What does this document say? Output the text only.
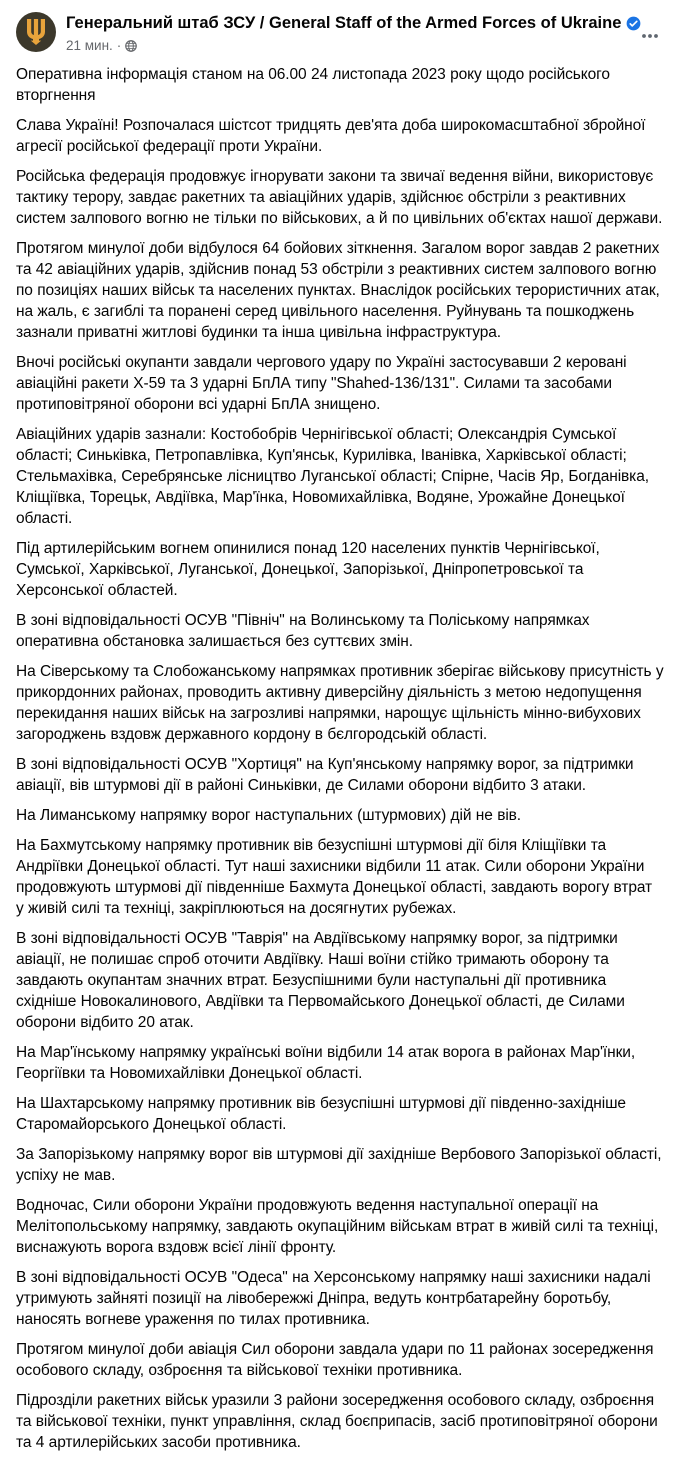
Генеральний штаб ЗСУ / General Staff of the Armed Forces of Ukraine
21 мин. ·

Оперативна інформація станом на 06.00 24 листопада 2023 року щодо російського вторгнення

Слава Україні! Розпочалася шістсот тридцять дев'ята доба широкомасштабної збройної агресії російської федерації проти України.

Російська федерація продовжує ігнорувати закони та звичаї ведення війни, використовує тактику терору, завдає ракетних та авіаційних ударів, здійснює обстріли з реактивних систем залпового вогню не тільки по військових, а й по цивільних об'єктах нашої держави.

Протягом минулої доби відбулося 64 бойових зіткнення. Загалом ворог завдав 2 ракетних та 42 авіаційних ударів, здійснив понад 53 обстріли з реактивних систем залпового вогню по позиціях наших військ та населених пунктах. Внаслідок російських терористичних атак, на жаль, є загиблі та поранені серед цивільного населення. Руйнувань та пошкоджень зазнали приватні житлові будинки та інша цивільна інфраструктура.

Вночі російські окупанти завдали чергового удару по Україні застосувавши 2 керовані авіаційні ракети Х-59 та 3 ударні БпЛА типу "Shahed-136/131". Силами та засобами протиповітряної оборони всі ударні БпЛА знищено.

Авіаційних ударів зазнали: Костобобрів Чернігівської області; Олександрія Сумської області; Синьківка, Петропавлівка, Куп'янськ, Курилівка, Іванівка, Харківської області; Стельмахівка, Серебрянське лісництво Луганської області; Спірне, Часів Яр, Богданівка, Кліщіївка, Торецьк, Авдіївка, Мар'їнка, Новомихайлівка, Водяне, Урожайне Донецької області.

Під артилерійським вогнем опинилися понад 120 населених пунктів Чернігівської, Сумської, Харківської, Луганської, Донецької, Запорізької, Дніпропетровської та Херсонської областей.

В зоні відповідальності ОСУВ "Північ" на Волинському та Поліському напрямках оперативна обстановка залишається без суттєвих змін.

На Сіверському та Слобожанському напрямках противник зберігає військову присутність у прикордонних районах, проводить активну диверсійну діяльність з метою недопущення перекидання наших військ на загрозливі напрямки, нарощує щільність мінно-вибухових загороджень вздовж державного кордону в бєлгородській області.

В зоні відповідальності ОСУВ "Хортиця" на Куп'янському напрямку ворог, за підтримки авіації, вів штурмові дії в районі Синьківки, де Силами оборони відбито 3 атаки.

На Лиманському напрямку ворог наступальних (штурмових) дій не вів.

На Бахмутському напрямку противник вів безуспішні штурмові дії біля Кліщіївки та Андріївки Донецької області. Тут наші захисники відбили 11 атак. Сили оборони України продовжують штурмові дії південніше Бахмута Донецької області, завдають ворогу втрат у живій силі та техніці, закріплюються на досягнутих рубежах.

В зоні відповідальності ОСУВ "Таврія" на Авдіївському напрямку ворог, за підтримки авіації, не полишає спроб оточити Авдіївку. Наші воїни стійко тримають оборону та завдають окупантам значних втрат. Безуспішними були наступальні дії противника східніше Новокалинового, Авдіївки та Первомайського Донецької області, де Силами оборони відбито 20 атак.

На Мар'їнському напрямку українські воїни відбили 14 атак ворога в районах Мар'їнки, Георгіївки та Новомихайлівки Донецької області.

На Шахтарському напрямку противник вів безуспішні штурмові дії південно-західніше Старомайорського Донецької області.

За Запорізькому напрямку ворог вів штурмові дії західніше Вербового Запорізької області, успіху не мав.

Водночас, Сили оборони України продовжують ведення наступальної операції на Мелітопольському напрямку, завдають окупаційним військам втрат в живій силі та техніці, виснажують ворога вздовж всієї лінії фронту.

В зоні відповідальності ОСУВ "Одеса" на Херсонському напрямку наші захисники надалі утримують зайняті позиції на лівобережжі Дніпра, ведуть контрбатарейну боротьбу, наносять вогневе ураження по тилах противника.

Протягом минулої доби авіація Сил оборони завдала удари по 11 районах зосередження особового складу, озброєння та військової техніки противника.

Підрозділи ракетних військ уразили 3 райони зосередження особового складу, озброєння та військової техніки, пункт управління, склад боєприпасів, засіб протиповітряної оборони та 4 артилерійських засоби противника.
